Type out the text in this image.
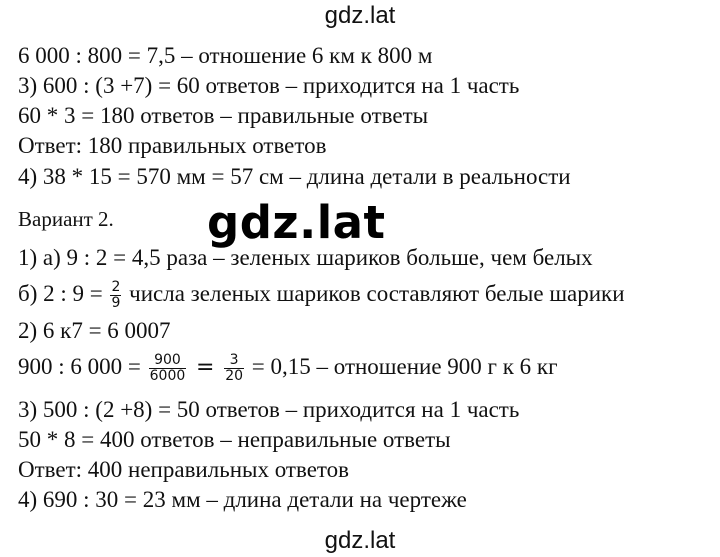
gdz.lat
6 000 : 800 = 7,5 – отношение 6 км к 800 м
3) 600 : (3 +7) = 60 ответов – приходится на 1 часть
60 * 3 = 180 ответов – правильные ответы
Ответ: 180 правильных ответов
4) 38 * 15 = 570 мм = 57 см – длина детали в реальности
Вариант 2. gdz.lat
1) а) 9 : 2 = 4,5 раза – зеленых шариков больше, чем белых
б) 2 : $9 = \frac{2}{9}$ числа зеленых шариков составляют белые шарики
2) 6 к7 = 6 0007
900 : 6 $000 = \frac{900}{6000} = \frac{3}{20} = 0,15$ – отношение 900 г к 6 кг
3) 500 : (2 +8) = 50 ответов – приходится на 1 часть
50 * 8 = 400 ответов – неправильные ответы
Ответ: 400 неправильных ответов
4) 690 : 30 = 23 мм – длина детали на чертеже
gdz.lat
